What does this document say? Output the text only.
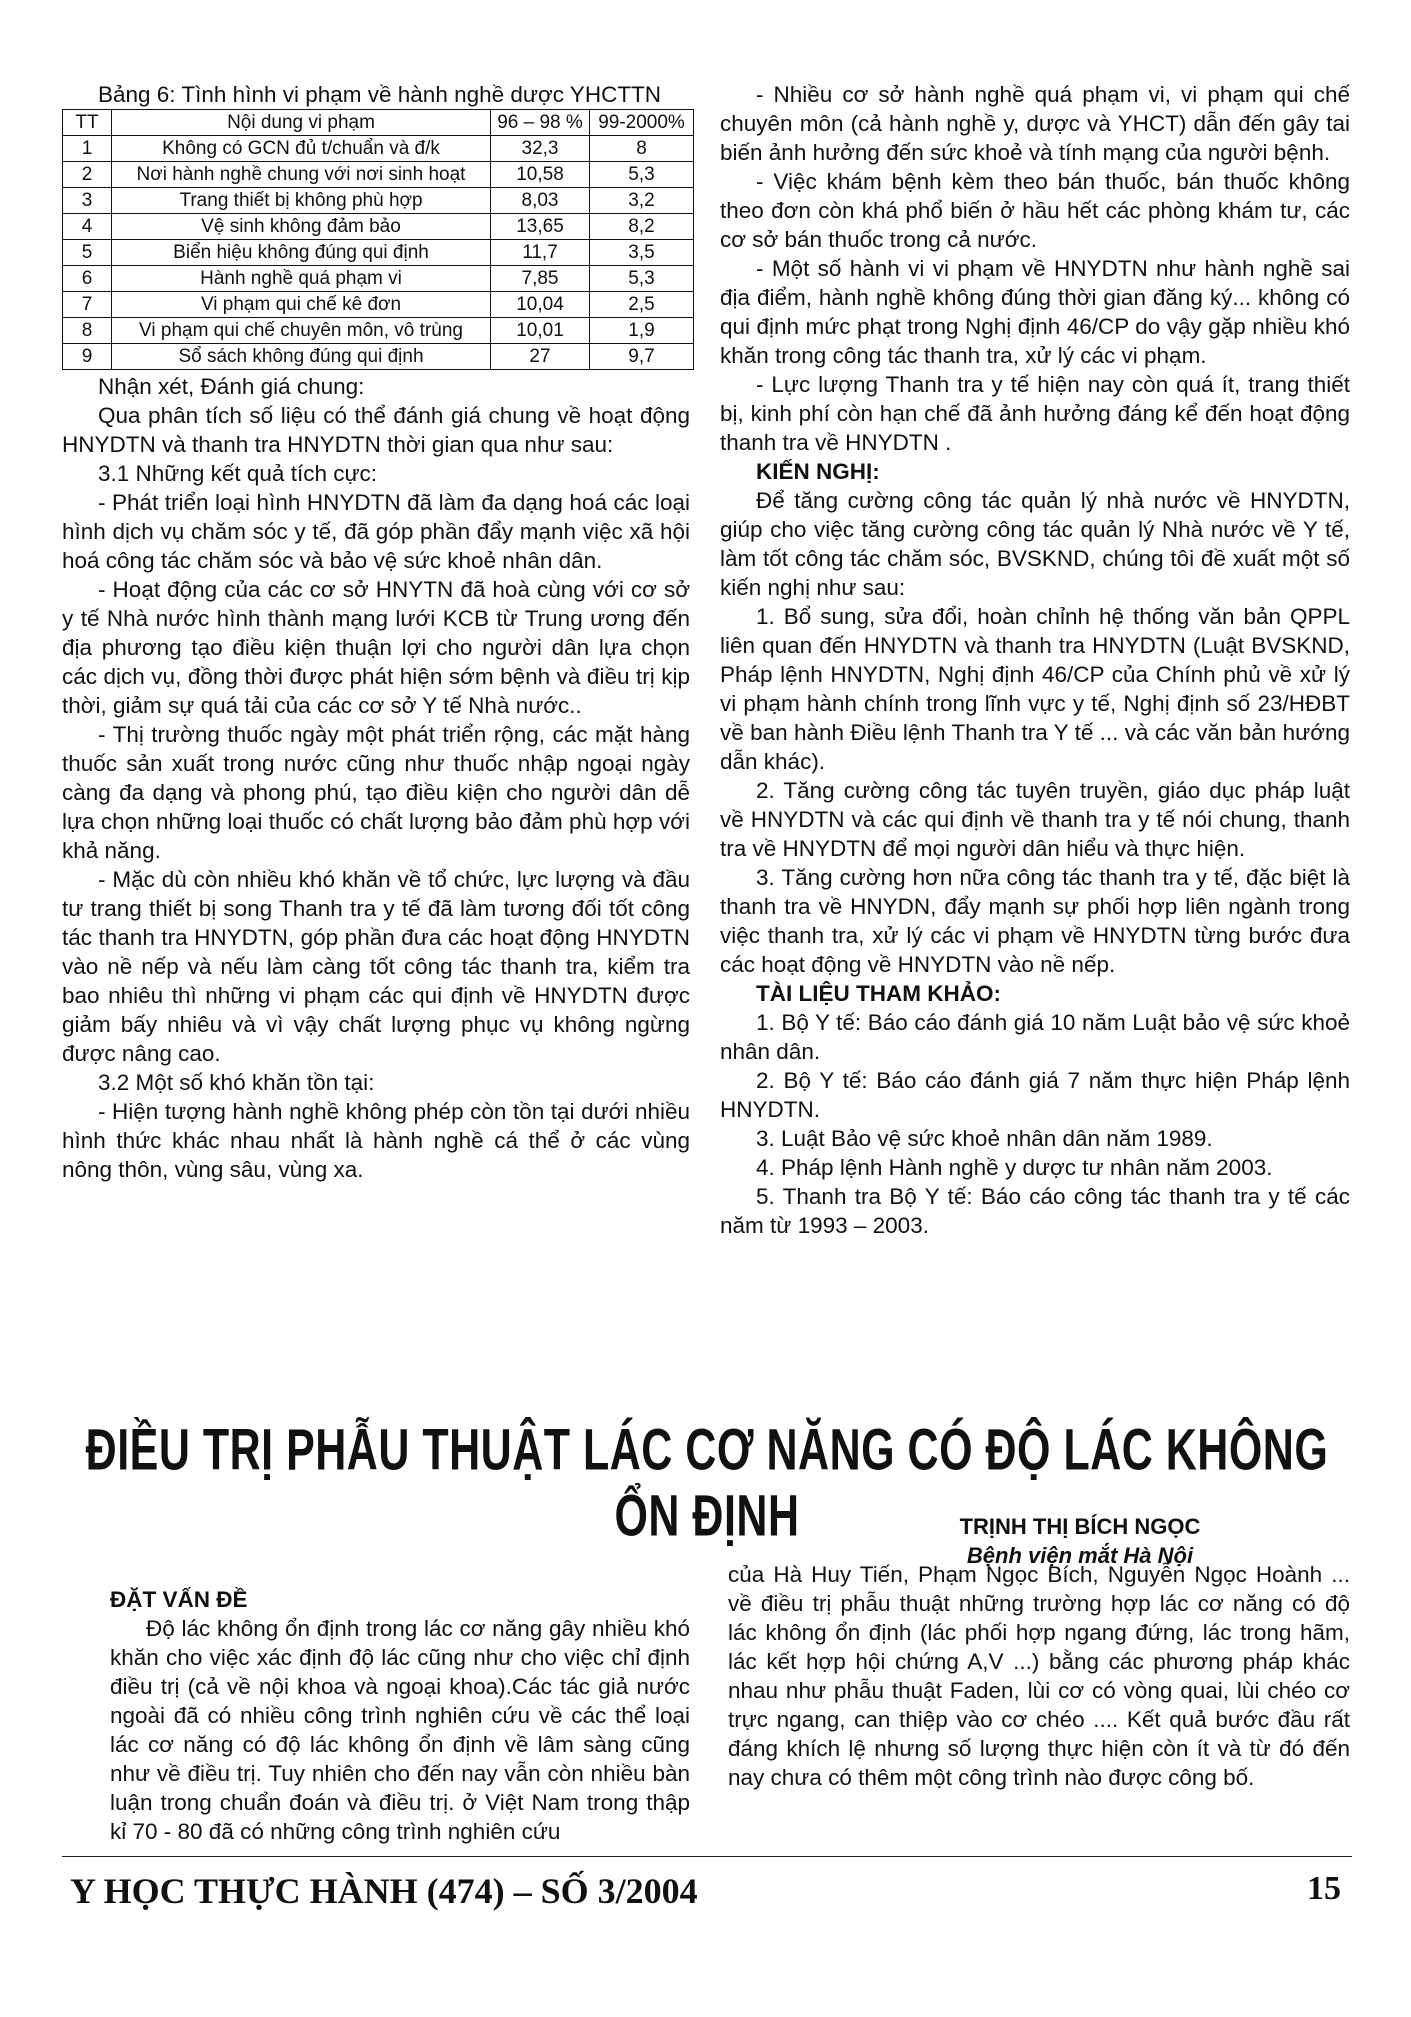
Bảng 6: Tình hình vi phạm về hành nghề dược YHCTTN

TT	Nội dung vi phạm	96 – 98 %	99-2000%
1	Không có GCN đủ t/chuẩn và đ/k	32,3	8
2	Nơi hành nghề chung với nơi sinh hoạt	10,58	5,3
3	Trang thiết bị không phù hợp	8,03	3,2
4	Vệ sinh không đảm bảo	13,65	8,2
5	Biển hiệu không đúng qui định	11,7	3,5
6	Hành nghề quá phạm vi	7,85	5,3
7	Vi phạm qui chế kê đơn	10,04	2,5
8	Vi phạm qui chế chuyên môn, vô trùng	10,01	1,9
9	Sổ sách không đúng qui định	27	9,7

Nhận xét, Đánh giá chung:

Qua phân tích số liệu có thể đánh giá chung về hoạt động HNYDTN và thanh tra HNYDTN thời gian qua như sau:

3.1 Những kết quả tích cực:

- Phát triển loại hình HNYDTN đã làm đa dạng hoá các loại hình dịch vụ chăm sóc y tế, đã góp phần đẩy mạnh việc xã hội hoá công tác chăm sóc và bảo vệ sức khoẻ nhân dân.

- Hoạt động của các cơ sở HNYTN đã hoà cùng với cơ sở y tế Nhà nước hình thành mạng lưới KCB từ Trung ương đến địa phương tạo điều kiện thuận lợi cho người dân lựa chọn các dịch vụ, đồng thời được phát hiện sớm bệnh và điều trị kịp thời, giảm sự quá tải của các cơ sở Y tế Nhà nước..

- Thị trường thuốc ngày một phát triển rộng, các mặt hàng thuốc sản xuất trong nước cũng như thuốc nhập ngoại ngày càng đa dạng và phong phú, tạo điều kiện cho người dân dễ lựa chọn những loại thuốc có chất lượng bảo đảm phù hợp với khả năng.

- Mặc dù còn nhiều khó khăn về tổ chức, lực lượng và đầu tư trang thiết bị song Thanh tra y tế đã làm tương đối tốt công tác thanh tra HNYDTN, góp phần đưa các hoạt động HNYDTN vào nề nếp và nếu làm càng tốt công tác thanh tra, kiểm tra bao nhiêu thì những vi phạm các qui định về HNYDTN được giảm bấy nhiêu và vì vậy chất lượng phục vụ không ngừng được nâng cao.

3.2 Một số khó khăn tồn tại:

- Hiện tượng hành nghề không phép còn tồn tại dưới nhiều hình thức khác nhau nhất là hành nghề cá thể ở các vùng nông thôn, vùng sâu, vùng xa.

- Nhiều cơ sở hành nghề quá phạm vi, vi phạm qui chế chuyên môn (cả hành nghề y, dược và YHCT) dẫn đến gây tai biến ảnh hưởng đến sức khoẻ và tính mạng của người bệnh.

- Việc khám bệnh kèm theo bán thuốc, bán thuốc không theo đơn còn khá phổ biến ở hầu hết các phòng khám tư, các cơ sở bán thuốc trong cả nước.

- Một số hành vi vi phạm về HNYDTN như hành nghề sai địa điểm, hành nghề không đúng thời gian đăng ký... không có qui định mức phạt trong Nghị định 46/CP do vậy gặp nhiều khó khăn trong công tác thanh tra, xử lý các vi phạm.

- Lực lượng Thanh tra y tế hiện nay còn quá ít, trang thiết bị, kinh phí còn hạn chế đã ảnh hưởng đáng kể đến hoạt động thanh tra về HNYDTN .

KIẾN NGHỊ:

Để tăng cường công tác quản lý nhà nước về HNYDTN, giúp cho việc tăng cường công tác quản lý Nhà nước về Y tế, làm tốt công tác chăm sóc, BVSKND, chúng tôi đề xuất một số kiến nghị như sau:

1. Bổ sung, sửa đổi, hoàn chỉnh hệ thống văn bản QPPL liên quan đến HNYDTN và thanh tra HNYDTN (Luật BVSKND, Pháp lệnh HNYDTN, Nghị định 46/CP của Chính phủ về xử lý vi phạm hành chính trong lĩnh vực y tế, Nghị định số 23/HĐBT về ban hành Điều lệnh Thanh tra Y tế ... và các văn bản hướng dẫn khác).

2. Tăng cường công tác tuyên truyền, giáo dục pháp luật về HNYDTN và các qui định về thanh tra y tế nói chung, thanh tra về HNYDTN để mọi người dân hiểu và thực hiện.

3. Tăng cường hơn nữa công tác thanh tra y tế, đặc biệt là thanh tra về HNYDN, đẩy mạnh sự phối hợp liên ngành trong việc thanh tra, xử lý các vi phạm về HNYDTN từng bước đưa các hoạt động về HNYDTN vào nề nếp.

TÀI LIỆU THAM KHẢO:

1. Bộ Y tế: Báo cáo đánh giá 10 năm Luật bảo vệ sức khoẻ nhân dân.

2. Bộ Y tế: Báo cáo đánh giá 7 năm thực hiện Pháp lệnh HNYDTN.

3. Luật Bảo vệ sức khoẻ nhân dân năm 1989.

4. Pháp lệnh Hành nghề y dược tư nhân năm 2003.

5. Thanh tra Bộ Y tế: Báo cáo công tác thanh tra y tế các năm từ 1993 – 2003.

ĐIỀU TRỊ PHẪU THUẬT LÁC CƠ NĂNG CÓ ĐỘ LÁC KHÔNG ỔN ĐỊNH	TRỊNH THỊ BÍCH NGỌC
Bệnh viện mắt Hà Nội

ĐẶT VẤN ĐỀ

Độ lác không ổn định trong lác cơ năng gây nhiều khó khăn cho việc xác định độ lác cũng như cho việc chỉ định điều trị (cả về nội khoa và ngoại khoa).Các tác giả nước ngoài đã có nhiều công trình nghiên cứu về các thể loại lác cơ năng có độ lác không ổn định về lâm sàng cũng như về điều trị. Tuy nhiên cho đến nay vẫn còn nhiều bàn luận trong chuẩn đoán và điều trị. ở Việt Nam trong thập kỉ 70 - 80 đã có những công trình nghiên cứu

của Hà Huy Tiến, Phạm Ngọc Bích, Nguyễn Ngọc Hoành ... về điều trị phẫu thuật những trường hợp lác cơ năng có độ lác không ổn định (lác phối hợp ngang đứng, lác trong hãm, lác kết hợp hội chứng A,V ...) bằng các phương pháp khác nhau như phẫu thuật Faden, lùi cơ có vòng quai, lùi chéo cơ trực ngang, can thiệp vào cơ chéo .... Kết quả bước đầu rất đáng khích lệ nhưng số lượng thực hiện còn ít và từ đó đến nay chưa có thêm một công trình nào được công bố.

Y HỌC THỰC HÀNH (474) – SỐ 3/2004	15
